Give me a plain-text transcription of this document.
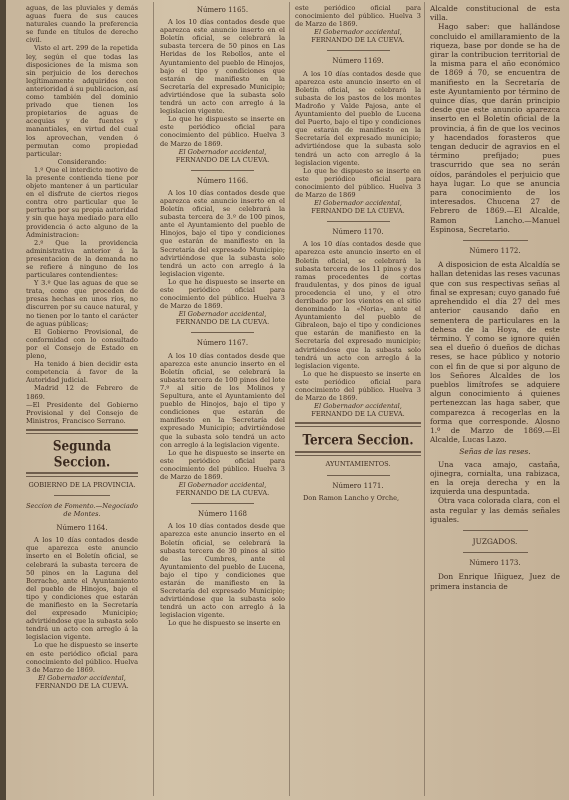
aguas, de las pluviales y demás aguas fuera de sus cauces naturales cuando la preferencia se funde en títulos de derecho civil.

Visto el art. 299 de la repetida ley, según el que todas las disposiciones de la misma son sin perjuicio de los derechos legítimamente adquiridos con anterioridad á su publicacion, así como también del dominio privado que tienen los propietarios de aguas de acequias y de fuentes y manantiales, en virtud del cual los aprovechan, venden ó permutan como propiedad particular:

Considerando:

1.º Que el interdicto motivo de la presente contienda tiene por objeto mantener á un particular en el disfrute de ciertos riegos contra otro particular que le perturba por su propia autoridad y sin que haya mediado para ello providencia ó acto alguno de la Administracion:

2.º Que la providencia administrativa anterior á la presentacion de la demanda no se refiere á ninguno de los particulares contendientes:

Y 3.º Que las aguas de que se trata, como que proceden de presas hechas en unos ríos, no discurren por su cauce natural, y no tienen por lo tanto el carácter de aguas públicas;

El Gobierno Provisional, de conformidad con lo consultado por el Consejo de Estado en pleno,

Ha tenido á bien decidir esta competencia á favor de la Autoridad judicial.

Madrid 12 de Febrero de 1869.

—El Presidente del Gobierno Provisional y del Consejo de Ministros, Francisco Serrano.

Segunda Seccion.

GOBIERNO DE LA PROVINCIA.

Seccion de Fomento.—Negociado de Montes.

Número 1164.

A los 10 días contados desde que aparezca este anuncio inserto en el Boletín oficial, se celebrará la subasta tercera de 50 pinos en la Laguna del Borracho, ante el Ayuntamiento del pueblo de Hinojos, bajo el tipo y condiciones que estarán de manifiesto en la Secretaría del expresado Municipio; advirtiéndose que la subasta solo tendrá un acto con arreglo á la legislacion vigente.

Lo que he dispuesto se inserte en este periódico oficial para conocimiento del público. Huelva 3 de Marzo de 1869.

El Gobernador accidental,

FERNANDO DE LA CUEVA.

Número 1165.

A los 10 días contados desde que aparezca este anuncio inserto en el Boletín oficial, se celebrará la subasta tercera de 50 pinos en Las Heridas de los Rebollos, ante el Ayuntamiento del pueblo de Hinojos, bajo el tipo y condiciones que estarán de manifiesto en la Secretaría del expresado Municipio; advirtiéndose que la subasta solo tendrá un acto con arreglo á la legislacion vigente.

Lo que he dispuesto se inserte en este periódico oficial para conocimiento del público. Huelva 3 de Marzo de 1869.

El Gobernador accidental,

FERNANDO DE LA CUEVA.

Número 1166.

A los 10 días contados desde que aparezca este anuncio inserto en el Boletín oficial, se celebrará la subasta tercera de 3.º de 100 pinos, ante el Ayuntamiento del pueblo de Hinojos, bajo el tipo y condiciones que estarán de manifiesto en la Secretaría del expresado Municipio; advirtiéndose que la subasta solo tendrá un acto con arreglo á la legislacion vigente.

Lo que he dispuesto se inserte en este periódico oficial para conocimiento del público. Huelva 3 de Marzo de 1869.

El Gobernador accidental,

FERNANDO DE LA CUEVA.

Número 1167.

A los 10 días contados desde que aparezca este anuncio inserto en el Boletín oficial, se celebrará la subasta tercera de 100 pinos del lote 7.º al sitio de los Molinos y Sepultura, ante el Ayuntamiento del pueblo de Hinojos, bajo el tipo y condiciones que estarán de manifiesto en la Secretaría del expresado Municipio; advirtiéndose que la subasta solo tendrá un acto con arreglo á la legislacion vigente.

Lo que he dispuesto se inserte en este periódico oficial para conocimiento del público. Huelva 3 de Marzo de 1869.

El Gobernador accidental,

FERNANDO DE LA CUEVA.

Número 1168

A los 10 días contados desde que aparezca este anuncio inserto en el Boletín oficial, se celebrará la subasta tercera de 30 pinos al sitio de las Cumbres, ante el Ayuntamiento del pueblo de Lucena, bajo el tipo y condiciones que estarán de manifiesto en la Secretaría del expresado Municipio; advirtiéndose que la subasta solo tendrá un acto con arreglo á la legislacion vigente.

Lo que he dispuesto se inserte en

este periódico oficial para conocimiento del público. Huelva 3 de Marzo de 1869.

El Gobernador accidental,

FERNANDO DE LA CUEVA.

Número 1169.

A los 10 días contados desde que aparezca este anuncio inserto en el Boletín oficial, se celebrará la subasta de los pastos de los montes Madroño y Valde Pajosa, ante el Ayuntamiento del pueblo de Lucena del Puerto, bajo el tipo y condiciones que estarán de manifiesto en la Secretaría del expresado municipio; advirtiéndose que la subasta solo tendrá un acto con arreglo á la legislacion vigente.

Lo que he dispuesto se inserte en este periódico oficial para conocimiento del público. Huelva 3 de Marzo de 1869

El Gobernador accidental,

FERNANDO DE LA CUEVA.

Número 1170.

A los 10 días contados desde que aparezca este anuncio inserto en el Boletín oficial, se celebrará la subasta tercera de los 11 pinos y dos ramas procedentes de cortas fraudulentas, y dos pinos de igual procedencia el uno, y el otro derribado por los vientos en el sitio denominado la «Noria», ante el Ayuntamiento del pueblo de Gibraleon, bajo el tipo y condiciones que estarán de manifiesto en la Secretaría del expresado municipio; advirtiéndose que la subasta solo tendrá un acto con arreglo á la legislacion vigente.

Lo que he dispuesto se inserte en este periódico oficial para conocimiento del público. Huelva 3 de Marzo de 1869.

El Gobernador accidental,

FERNANDO DE LA CUEVA.

Tercera Seccion.

AYUNTAMIENTOS.

Número 1171.

Don Ramon Lancho y Orche,

Alcalde constitucional de esta villa.

Hago saber: que hallándose concluido el amillaramiento de la riqueza, base por donde se ha de girar la contribucion territorial de la misma para el año económico de 1869 á 70, se encuentra de manifiesto en la Secretaría de este Ayuntamiento por término de quince días, que darán principio desde que este anuncio aparezca inserto en el Boletín oficial de la provincia, á fin de que los vecinos y hacendados forasteros que tengan deducir de agravios en el término prefijado; pues trascurrido que sea no serán oídos, parándoles el perjuicio que haya lugar. Lo que se anuncia para conocimiento de los interesados. Chucena 27 de Febrero de 1869.—El Alcalde, Ramon Lancho.—Manuel Espinosa, Secretario.

Número 1172.

A disposicion de esta Alcaldía se hallan detenidas las reses vacunas que con sus respectivas señas al final se expresan; cuyo ganado fué aprehendido el día 27 del mes anterior causando daño en sementera de particulares en la dehesa de la Hoya, de este término. Y como se ignore quién sea el dueño ó dueños de dichas reses, se hace público y notorio con el fin de que si por alguno de los Señores Alcaldes de los pueblos limítrofes se adquiere algun conocimiento á quienes pertenezcan las haga saber, que comparezca á recogerlas en la forma que corresponde. Alosno 1.º de Marzo de 1869.—El Alcalde, Lucas Lazo.

Señas de las reses.

Una vaca amajo, castaña, ojinegra, cornialta, una rabizaca, en la oreja derecha y en la izquierda una despuntada.

Otra vaca colorada clara, con el asta regular y las demás señales iguales.

JUZGADOS.

Número 1173.

Don Enrique Iñiguez, Juez de primera instancia de
